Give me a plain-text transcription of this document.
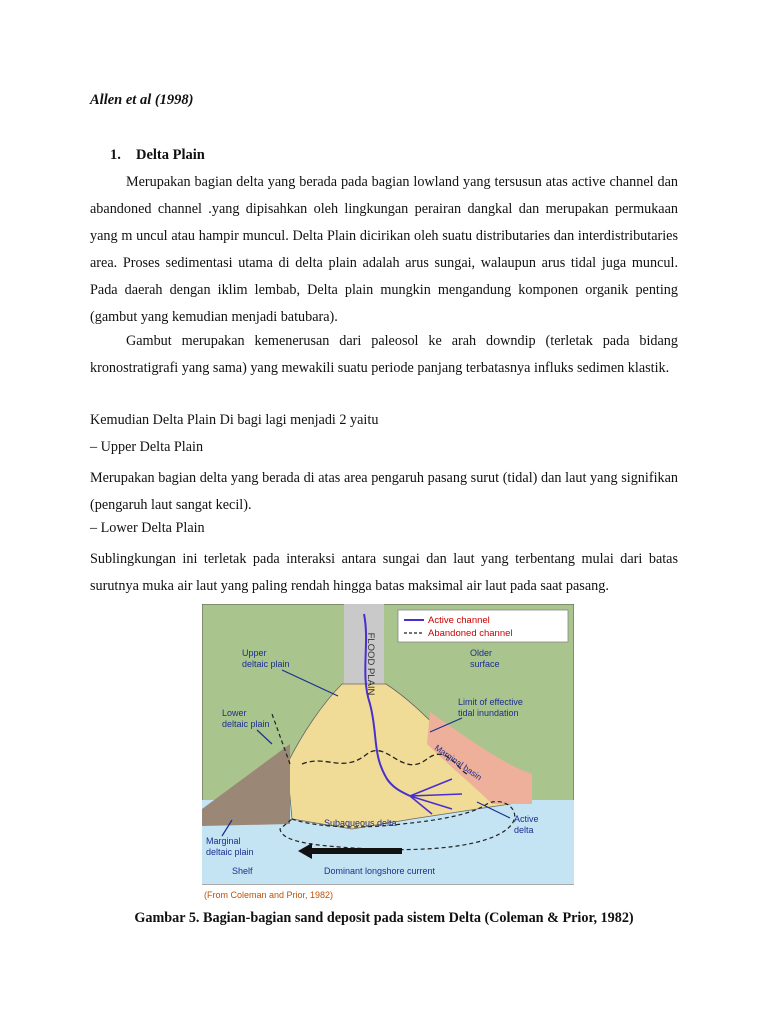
Allen et al (1998)
1. Delta Plain

Merupakan bagian delta yang berada pada bagian lowland yang tersusun atas active channel dan abandoned channel .yang dipisahkan oleh lingkungan perairan dangkal dan merupakan permukaan yang m uncul atau hampir muncul. Delta Plain dicirikan oleh suatu distributaries dan interdistributaries area. Proses sedimentasi utama di delta plain adalah arus sungai, walaupun arus tidal juga muncul. Pada daerah dengan iklim lembab, Delta plain mungkin mengandung komponen organik penting (gambut yang kemudian menjadi batubara).

Gambut merupakan kemenerusan dari paleosol ke arah downdip (terletak pada bidang kronostratigrafi yang sama) yang mewakili suatu periode panjang terbatasnya influks sedimen klastik.

Kemudian Delta Plain Di bagi lagi menjadi 2 yaitu
– Upper Delta Plain
Merupakan bagian delta yang berada di atas area pengaruh pasang surut (tidal) dan laut yang signifikan (pengaruh laut sangat kecil).
– Lower Delta Plain
Sublingkungan ini terletak pada interaksi antara sungai dan laut yang terbentang mulai dari batas surutnya muka air laut yang paling rendah hingga batas maksimal air laut pada saat pasang.
Active channel
Abandoned channel
FLOOD PLAIN
Upper
deltaic plain
Lower
deltaic plain
Older
surface
Limit of effective
tidal inundation
Marginal basin
Active
delta
Subaqueous delta
Marginal
deltaic plain
Shelf	Dominant longshore current
(From Coleman and Prior, 1982)
Gambar 5. Bagian-bagian sand deposit pada sistem Delta (Coleman & Prior, 1982)
